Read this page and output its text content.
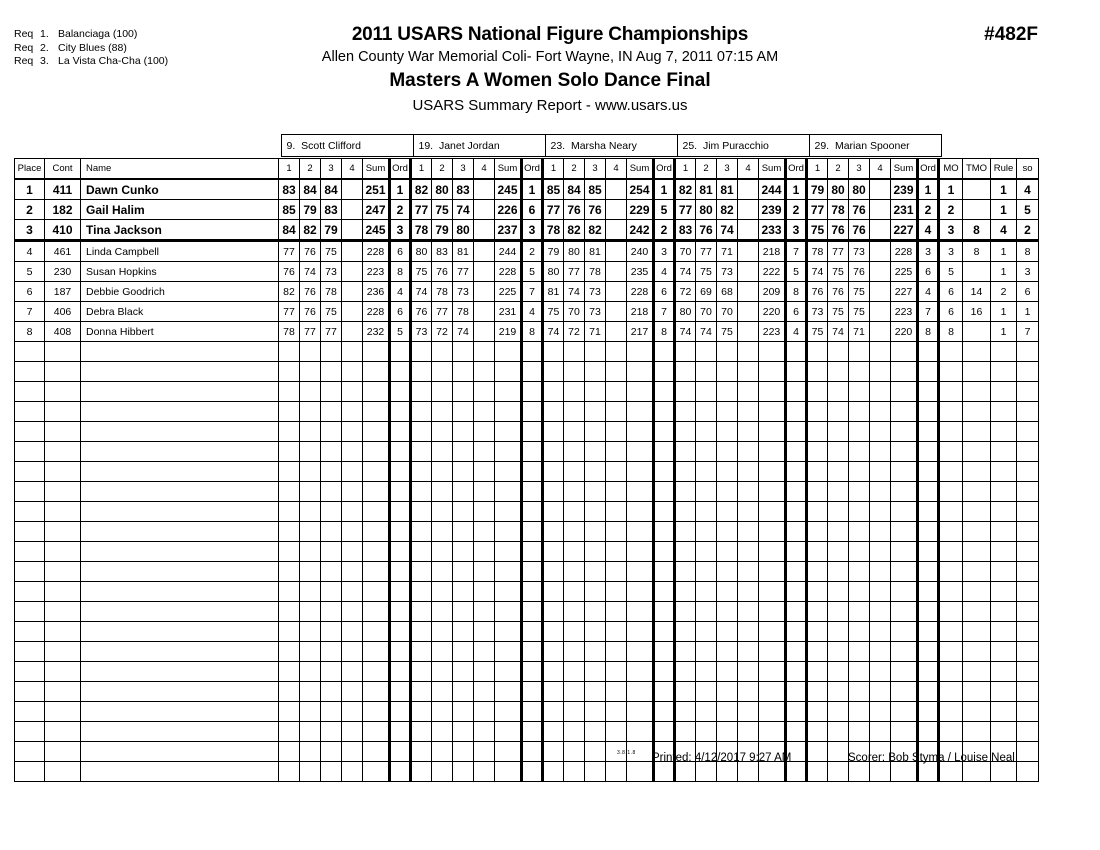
Req 1. Balanciaga (100)
Req 2. City Blues (88)
Req 3. La Vista Cha-Cha (100)
2011 USARS National Figure Championships
Allen County War Memorial Coli- Fort Wayne, IN Aug 7, 2011 07:15 AM
Masters A Women Solo Dance Final
USARS Summary Report - www.usars.us
#482F
	9.  Scott Clifford	19.  Janet Jordan	23.  Marsha Neary	25.  Jim Puracchio	29.  Marian Spooner	
Place	Cont	Name	1	2	3	4	Sum	Ord	1	2	3	4	Sum	Ord	1	2	3	4	Sum	Ord	1	2	3	4	Sum	Ord	1	2	3	4	Sum	Ord	MO	TMO	Rule	so
1	411	Dawn Cunko	83	84	84		251	1	82	80	83		245	1	85	84	85		254	1	82	81	81		244	1	79	80	80		239	1	1		1	4
2	182	Gail Halim	85	79	83		247	2	77	75	74		226	6	77	76	76		229	5	77	80	82		239	2	77	78	76		231	2	2		1	5
3	410	Tina Jackson	84	82	79		245	3	78	79	80		237	3	78	82	82		242	2	83	76	74		233	3	75	76	76		227	4	3	8	4	2
4	461	Linda Campbell	77	76	75		228	6	80	83	81		244	2	79	80	81		240	3	70	77	71		218	7	78	77	73		228	3	3	8	1	8
5	230	Susan Hopkins	76	74	73		223	8	75	76	77		228	5	80	77	78		235	4	74	75	73		222	5	74	75	76		225	6	5		1	3
6	187	Debbie Goodrich	82	76	78		236	4	74	78	73		225	7	81	74	73		228	6	72	69	68		209	8	76	76	75		227	4	6	14	2	6
7	406	Debra Black	77	76	75		228	6	76	77	78		231	4	75	70	73		218	7	80	70	70		220	6	73	75	75		223	7	6	16	1	1
8	408	Donna Hibbert	78	77	77		232	5	73	72	74		219	8	74	72	71		217	8	74	74	75		223	4	75	74	71		220	8	8		1	7

3.8.1.8 Printed: 4/12/2017 9:27 AM	Scorer: Bob Styma / Louise Neal
